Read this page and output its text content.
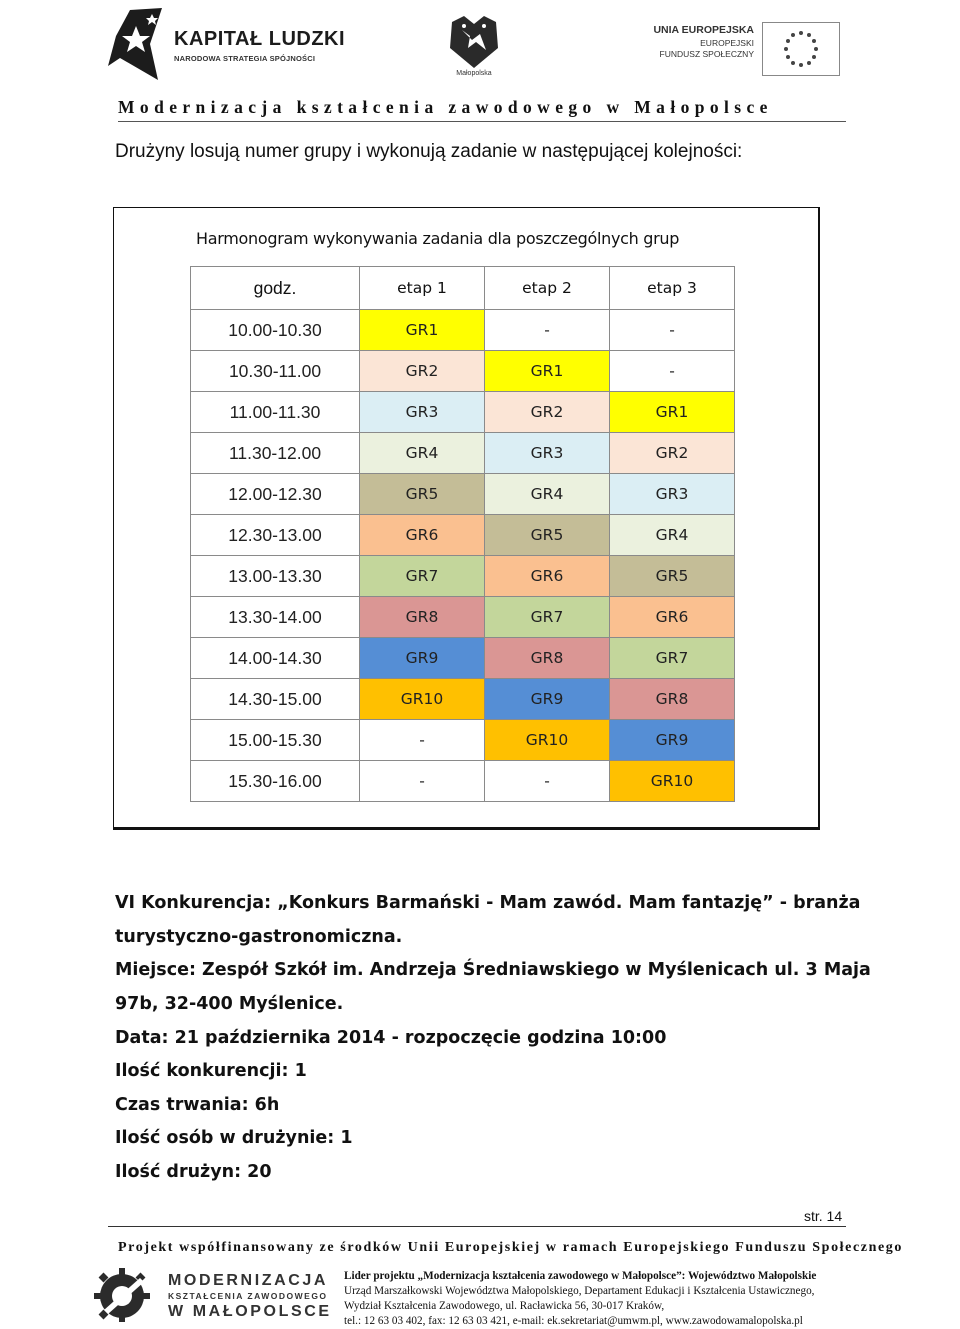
KAPITAŁ LUDZKI
NARODOWA STRATEGIA SPÓJNOŚCI
Małopolska
UNIA EUROPEJSKA
EUROPEJSKI
FUNDUSZ SPOŁECZNY
Modernizacja kształcenia zawodowego w Małopolsce
Drużyny losują numer grupy i wykonują zadanie w następującej kolejności:
Harmonogram wykonywania zadania dla poszczególnych grup
godz.	etap 1	etap 2	etap 3
10.00-10.30	GR1	-	-
10.30-11.00	GR2	GR1	-
11.00-11.30	GR3	GR2	GR1
11.30-12.00	GR4	GR3	GR2
12.00-12.30	GR5	GR4	GR3
12.30-13.00	GR6	GR5	GR4
13.00-13.30	GR7	GR6	GR5
13.30-14.00	GR8	GR7	GR6
14.00-14.30	GR9	GR8	GR7
14.30-15.00	GR10	GR9	GR8
15.00-15.30	-	GR10	GR9
15.30-16.00	-	-	GR10
VI Konkurencja: „Konkurs Barmański - Mam zawód. Mam fantazję” - branża
turystyczno-gastronomiczna.
Miejsce: Zespół Szkół im. Andrzeja Średniawskiego w Myślenicach ul. 3 Maja
97b, 32-400 Myślenice.
Data: 21 października 2014 - rozpoczęcie godzina 10:00
Ilość konkurencji: 1
Czas trwania: 6h
Ilość osób w drużynie: 1
Ilość drużyn: 20
str. 14
Projekt współfinansowany ze środków Unii Europejskiej w ramach Europejskiego Funduszu Społecznego
MODERNIZACJA
KSZTAŁCENIA ZAWODOWEGO
W MAŁOPOLSCE
Lider projektu „Modernizacja kształcenia zawodowego w Małopolsce”: Województwo Małopolskie
Urząd Marszałkowski Województwa Małopolskiego, Departament Edukacji i Kształcenia Ustawicznego,
Wydział Kształcenia Zawodowego, ul. Racławicka 56, 30-017 Kraków,
tel.: 12 63 03 402, fax: 12 63 03 421, e-mail: ek.sekretariat@umwm.pl, www.zawodowamalopolska.pl
